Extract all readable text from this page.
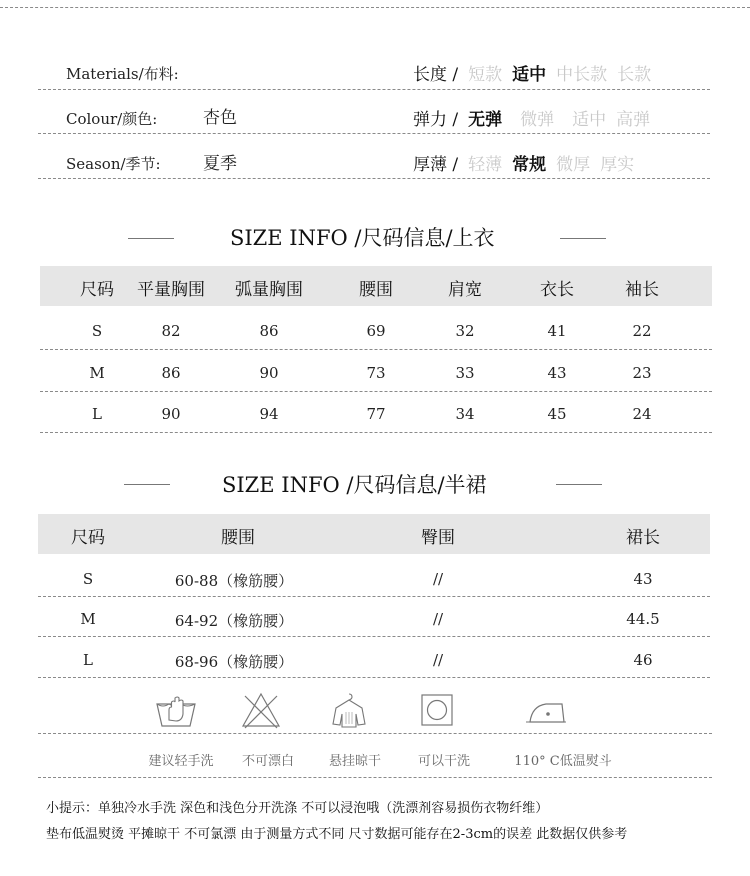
Materials/布料:	长度 / 短款 适中 中长款 长款
Colour/颜色:	杏色	弹力 / 无弹 微弹 适中 高弹
Season/季节: 夏季	厚薄 / 轻薄 常规 微厚 厚实
SIZE INFO /尺码信息/上衣
尺码 平量胸围 弧量胸围	腰围	肩宽	衣长	袖长
S	82	86	69	32	41	22
M	86	90	73	33	43	23
L	90	94	77	34	45	24
SIZE INFO /尺码信息/半裙
尺码	腰围	臀围	裙长
S	60-88（橡筋腰）	//	43
M	64-92（橡筋腰）	//	44.5
L	68-96（橡筋腰）	//	46
建议轻手洗 不可漂白	悬挂晾干	可以干洗	110° C低温熨斗
小提示：单独冷水手洗 深色和浅色分开洗涤 不可以浸泡哦（洗漂剂容易损伤衣物纤维）
垫布低温熨烫 平摊晾干 不可氯漂 由于测量方式不同 尺寸数据可能存在2-3cm的误差 此数据仅供参考
